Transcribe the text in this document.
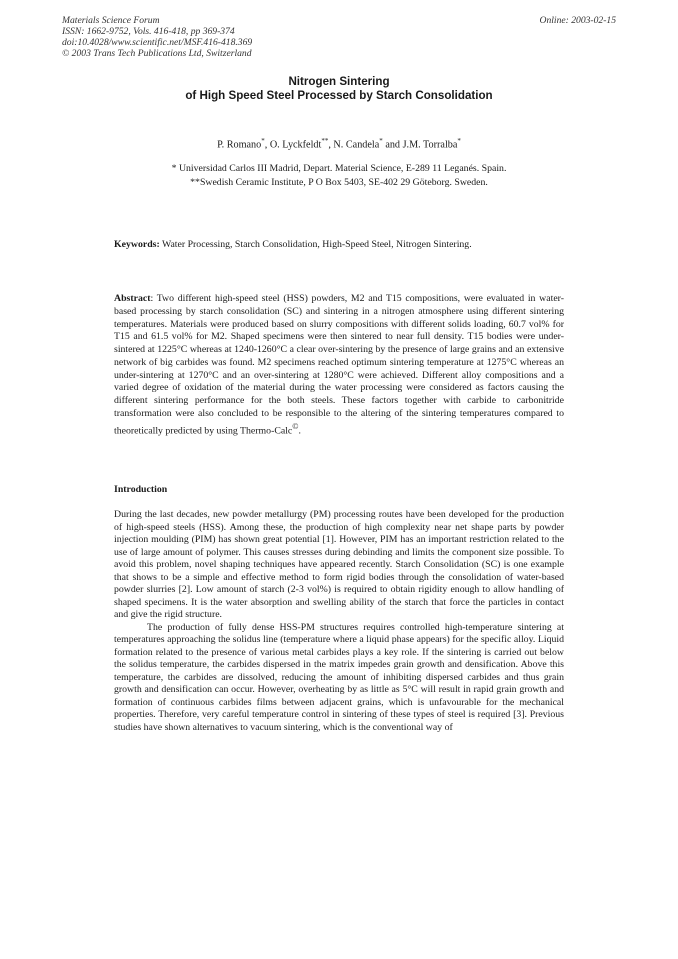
Materials Science Forum
ISSN: 1662-9752, Vols. 416-418, pp 369-374
doi:10.4028/www.scientific.net/MSF.416-418.369
© 2003 Trans Tech Publications Ltd, Switzerland
Online: 2003-02-15
Nitrogen Sintering
of High Speed Steel Processed by Starch Consolidation
P. Romano*, O. Lyckfeldt**, N. Candela* and J.M. Torralba*
* Universidad Carlos III Madrid, Depart. Material Science, E-289 11 Leganés. Spain.
**Swedish Ceramic Institute, P O Box 5403, SE-402 29 Göteborg. Sweden.
Keywords: Water Processing, Starch Consolidation, High-Speed Steel, Nitrogen Sintering.
Abstract: Two different high-speed steel (HSS) powders, M2 and T15 compositions, were evaluated in water-based processing by starch consolidation (SC) and sintering in a nitrogen atmosphere using different sintering temperatures. Materials were produced based on slurry compositions with different solids loading, 60.7 vol% for T15 and 61.5 vol% for M2. Shaped specimens were then sintered to near full density. T15 bodies were under-sintered at 1225°C whereas at 1240-1260°C a clear over-sintering by the presence of large grains and an extensive network of big carbides was found. M2 specimens reached optimum sintering temperature at 1275°C whereas an under-sintering at 1270°C and an over-sintering at 1280°C were achieved. Different alloy compositions and a varied degree of oxidation of the material during the water processing were considered as factors causing the different sintering performance for the both steels. These factors together with carbide to carbonitride transformation were also concluded to be responsible to the altering of the sintering temperatures compared to theoretically predicted by using Thermo-Calc©.
Introduction

During the last decades, new powder metallurgy (PM) processing routes have been developed for the production of high-speed steels (HSS). Among these, the production of high complexity near net shape parts by powder injection moulding (PIM) has shown great potential [1]. However, PIM has an important restriction related to the use of large amount of polymer. This causes stresses during debinding and limits the component size possible. To avoid this problem, novel shaping techniques have appeared recently. Starch Consolidation (SC) is one example that shows to be a simple and effective method to form rigid bodies through the consolidation of water-based powder slurries [2]. Low amount of starch (2-3 vol%) is required to obtain rigidity enough to allow handling of shaped specimens. It is the water absorption and swelling ability of the starch that force the particles in contact and give the rigid structure.

The production of fully dense HSS-PM structures requires controlled high-temperature sintering at temperatures approaching the solidus line (temperature where a liquid phase appears) for the specific alloy. Liquid formation related to the presence of various metal carbides plays a key role. If the sintering is carried out below the solidus temperature, the carbides dispersed in the matrix impedes grain growth and densification. Above this temperature, the carbides are dissolved, reducing the amount of inhibiting dispersed carbides and thus grain growth and densification can occur. However, overheating by as little as 5°C will result in rapid grain growth and formation of continuous carbides films between adjacent grains, which is unfavourable for the mechanical properties. Therefore, very careful temperature control in sintering of these types of steel is required [3]. Previous studies have shown alternatives to vacuum sintering, which is the conventional way of
